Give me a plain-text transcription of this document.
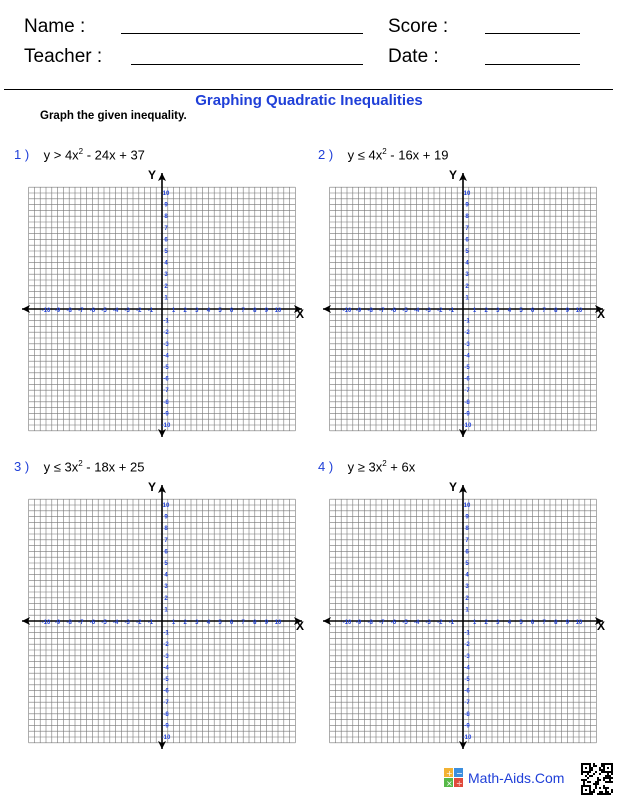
Name :
Teacher :
Score :
Date :
Graphing Quadratic Inequalities
Graph the given inequality.
1 ) $y > 4x^2 - 24x + 37$	2 ) $y \le 4x^2 - 16x + 19$
3 ) $y \le 3x^2 - 18x + 25$	4 ) $y \ge 3x^2 + 6x$
X
Y
-10
-10
-9
-9
-8
-8
-7
-7
-6
-6
-5
-5
-4
-4
-3
-3
-2
-2
-1
-1
1
1
2
2
3
3
4
4
5
5
6
6
7
7
8
8
9
9
10
10
X
Y
-10
-10
-9
-9
-8
-8
-7
-7
-6
-6
-5
-5
-4
-4
-3
-3
-2
-2
-1
-1
1
1
2
2
3
3
4
4
5
5
6
6
7
7
8
8
9
9
10
10
X
Y
-10
-10
-9
-9
-8
-8
-7
-7
-6
-6
-5
-5
-4
-4
-3
-3
-2
-2
-1
-1
1
1
2
2
3
3
4
4
5
5
6
6
7
7
8
8
9
9
10
10
X
Y
-10
-10
-9
-9
-8
-8
-7
-7
-6
-6
-5
-5
-4
-4
-3
-3
-2
-2
-1
-1
1
1
2
2
3
3
4
4
5
5
6
6
7
7
8
8
9
9
10
10
+ −
× ÷ Math-Aids.Com
